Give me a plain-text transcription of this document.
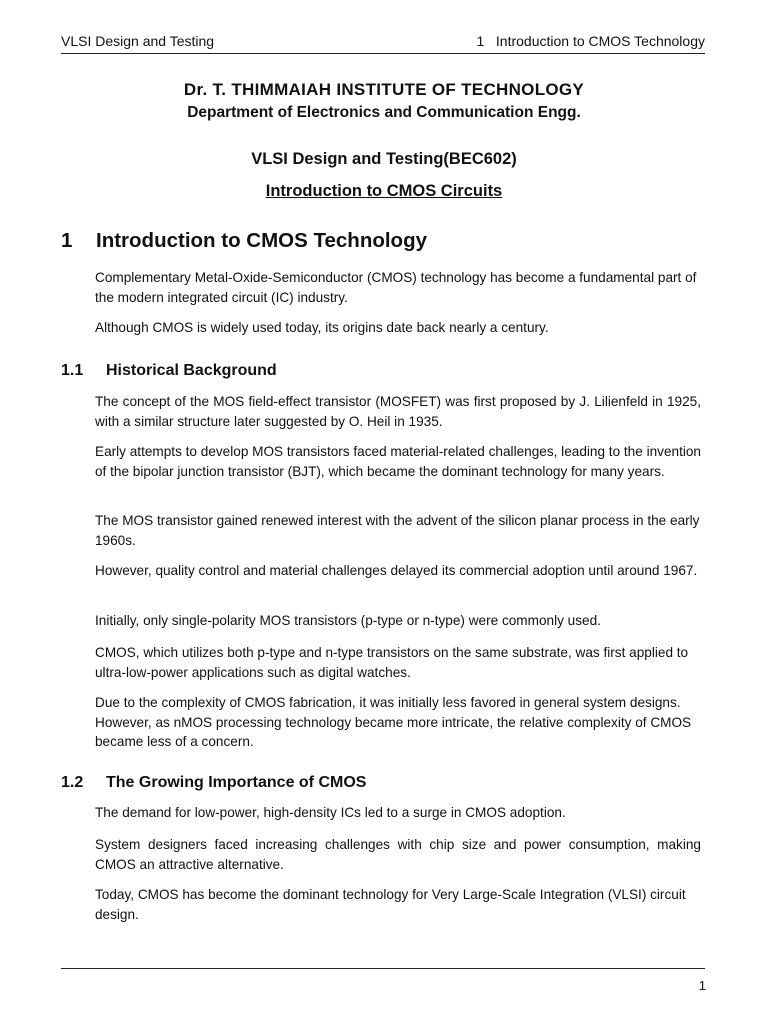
VLSI Design and Testing	1   Introduction to CMOS Technology
Dr. T. THIMMAIAH INSTITUTE OF TECHNOLOGY
Department of Electronics and Communication Engg.
VLSI Design and Testing(BEC602)
Introduction to CMOS Circuits
1 Introduction to CMOS Technology

Complementary Metal-Oxide-Semiconductor (CMOS) technology has become a fundamental part of the modern integrated circuit (IC) industry.

Although CMOS is widely used today, its origins date back nearly a century.

1.1 Historical Background

The concept of the MOS field-effect transistor (MOSFET) was first proposed by J. Lilienfeld in 1925, with a similar structure later suggested by O. Heil in 1935.

Early attempts to develop MOS transistors faced material-related challenges, leading to the invention of the bipolar junction transistor (BJT), which became the dominant technology for many years.

The MOS transistor gained renewed interest with the advent of the silicon planar process in the early 1960s.

However, quality control and material challenges delayed its commercial adoption until around 1967.

Initially, only single-polarity MOS transistors (p-type or n-type) were commonly used.

CMOS, which utilizes both p-type and n-type transistors on the same substrate, was first applied to ultra-low-power applications such as digital watches.

Due to the complexity of CMOS fabrication, it was initially less favored in general system designs. However, as nMOS processing technology became more intricate, the relative complexity of CMOS became less of a concern.

1.2 The Growing Importance of CMOS

The demand for low-power, high-density ICs led to a surge in CMOS adoption.

System designers faced increasing challenges with chip size and power consumption, making CMOS an attractive alternative.

Today, CMOS has become the dominant technology for Very Large-Scale Integration (VLSI) circuit design.

1
